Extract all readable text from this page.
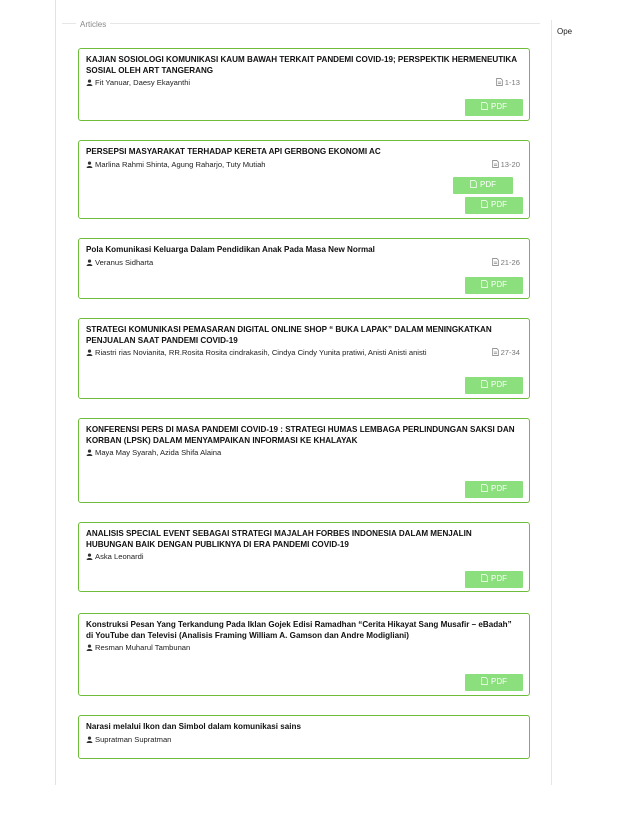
Articles
Ope
KAJIAN SOSIOLOGI KOMUNIKASI KAUM BAWAH TERKAIT PANDEMI COVID-19; PERSPEKTIK HERMENEUTIKA SOSIAL OLEH ART TANGERANG
Fit Yanuar, Daesy Ekayanthi	1-13
PDF
PERSEPSI MASYARAKAT TERHADAP KERETA API GERBONG EKONOMI AC
Marlina Rahmi Shinta, Agung Raharjo, Tuty Mutiah	13-20
PDF
PDF
Pola Komunikasi Keluarga Dalam Pendidikan Anak Pada Masa New Normal
Veranus Sidharta	21-26
PDF
STRATEGI KOMUNIKASI PEMASARAN DIGITAL ONLINE SHOP “ BUKA LAPAK” DALAM MENINGKATKAN PENJUALAN SAAT PANDEMI COVID-19
Riastri rias Novianita, RR.Rosita Rosita cindrakasih, Cindya Cindy Yunita pratiwi, Anisti Anisti anisti	27-34
PDF
KONFERENSI PERS DI MASA PANDEMI COVID-19 : STRATEGI HUMAS LEMBAGA PERLINDUNGAN SAKSI DAN KORBAN (LPSK) DALAM MENYAMPAIKAN INFORMASI KE KHALAYAK
Maya May Syarah, Azida Shifa Alaina
PDF
ANALISIS SPECIAL EVENT SEBAGAI STRATEGI MAJALAH FORBES INDONESIA DALAM MENJALIN HUBUNGAN BAIK DENGAN PUBLIKNYA DI ERA PANDEMI COVID-19
Aska Leonardi
PDF
Konstruksi Pesan Yang Terkandung Pada Iklan Gojek Edisi Ramadhan “Cerita Hikayat Sang Musafir – eBadah” di YouTube dan Televisi (Analisis Framing William A. Gamson dan Andre Modigliani)
Resman Muharul Tambunan
PDF
Narasi melalui Ikon dan Simbol dalam komunikasi sains
Supratman Supratman
